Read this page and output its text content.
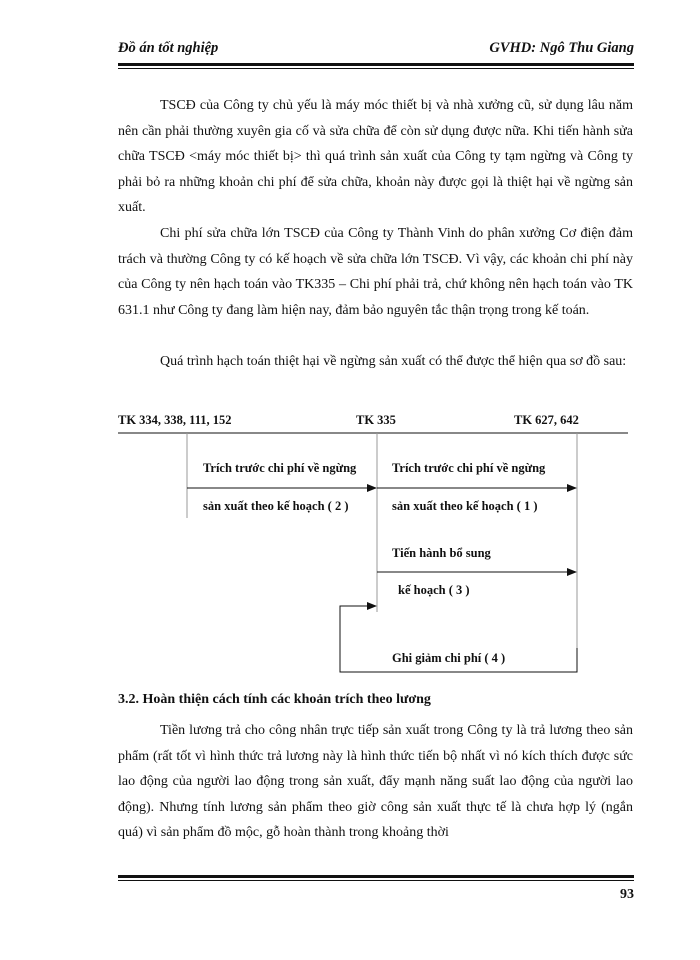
Đồ án tốt nghiệp	GVHD: Ngô Thu Giang

TSCĐ của Công ty chủ yếu là máy móc thiết bị và nhà xưởng cũ, sử dụng lâu năm nên cần phải thường xuyên gia cố và sửa chữa để còn sử dụng được nữa. Khi tiến hành sửa chữa TSCĐ <máy móc thiết bị> thì quá trình sản xuất của Công ty tạm ngừng và Công ty phải bỏ ra những khoản chi phí để sửa chữa, khoản này được gọi là thiệt hại về ngừng sản xuất.

Chi phí sửa chữa lớn TSCĐ của Công ty Thành Vinh do phân xưởng Cơ điện đảm trách và thường Công ty có kế hoạch về sửa chữa lớn TSCĐ. Vì vậy, các khoản chi phí này của Công ty nên hạch toán vào TK335 – Chi phí phải trả, chứ không nên hạch toán vào TK 631.1 như Công ty đang làm hiện nay, đảm bảo nguyên tắc thận trọng trong kế toán.

Quá trình hạch toán thiệt hại về ngừng sản xuất có thể được thể hiện qua sơ đồ sau:

TK 334, 338, 111, 152	TK 335	TK 627, 642
Trích trước chi phí về ngừng
sản xuất theo kế hoạch ( 2 )
Trích trước chi phí về ngừng
sản xuất theo kế hoạch ( 1 )
Tiến hành bổ sung
kế hoạch ( 3 )
Ghi giảm chi phí ( 4 )

3.2. Hoàn thiện cách tính các khoản trích theo lương

Tiền lương trả cho công nhân trực tiếp sản xuất trong Công ty là trả lương theo sản phẩm (rất tốt vì hình thức trả lương này là hình thức tiến bộ nhất vì nó kích thích được sức lao động của người lao động trong sản xuất, đẩy mạnh năng suất lao động của người lao động). Nhưng tính lương sản phẩm theo giờ công sản xuất thực tế là chưa hợp lý (ngắn quá) vì sản phẩm đồ mộc, gỗ hoàn thành trong khoảng thời

93
